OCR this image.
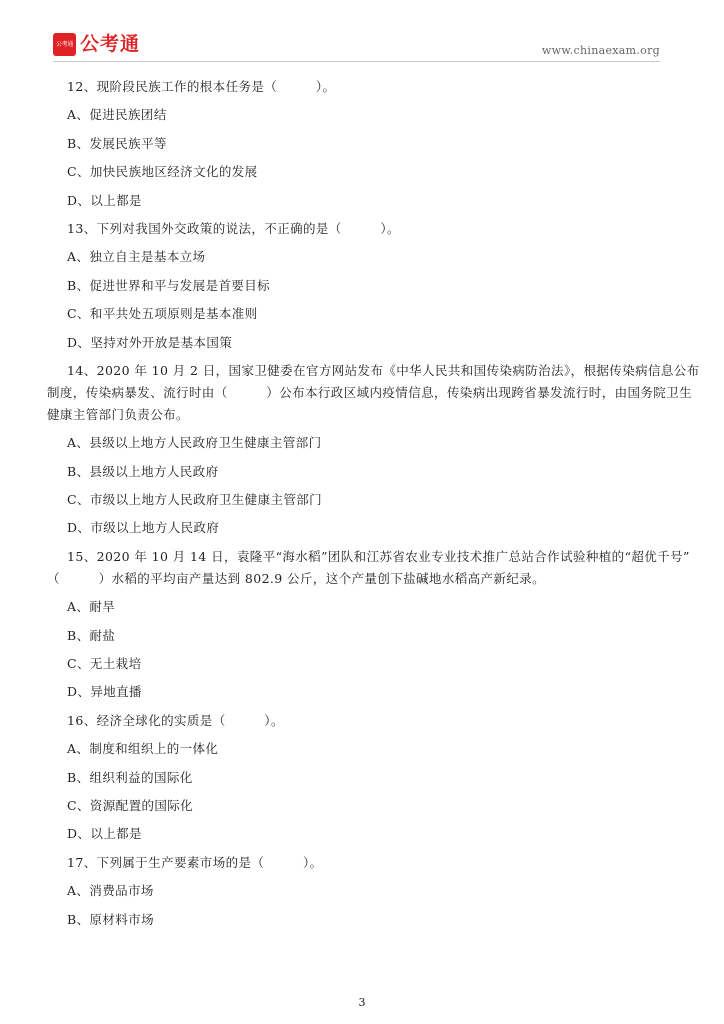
公考通 公考通	www.chinaexam.org
12、现阶段民族工作的根本任务是（　　　）。
A、促进民族团结
B、发展民族平等
C、加快民族地区经济文化的发展
D、以上都是
13、下列对我国外交政策的说法，不正确的是（　　　）。
A、独立自主是基本立场
B、促进世界和平与发展是首要目标
C、和平共处五项原则是基本准则
D、坚持对外开放是基本国策
14、2020 年 10 月 2 日，国家卫健委在官方网站发布《中华人民共和国传染病防治法》，根据传染病信息公布
制度，传染病暴发、流行时由（　　　）公布本行政区域内疫情信息，传染病出现跨省暴发流行时，由国务院卫生
健康主管部门负责公布。
A、县级以上地方人民政府卫生健康主管部门
B、县级以上地方人民政府
C、市级以上地方人民政府卫生健康主管部门
D、市级以上地方人民政府
15、2020 年 10 月 14 日，袁隆平“海水稻”团队和江苏省农业专业技术推广总站合作试验种植的“超优千号”
（　　　）水稻的平均亩产量达到 802.9 公斤，这个产量创下盐碱地水稻高产新纪录。
A、耐旱
B、耐盐
C、无土栽培
D、异地直播
16、经济全球化的实质是（　　　）。
A、制度和组织上的一体化
B、组织利益的国际化
C、资源配置的国际化
D、以上都是
17、下列属于生产要素市场的是（　　　）。
A、消费品市场
B、原材料市场
3
